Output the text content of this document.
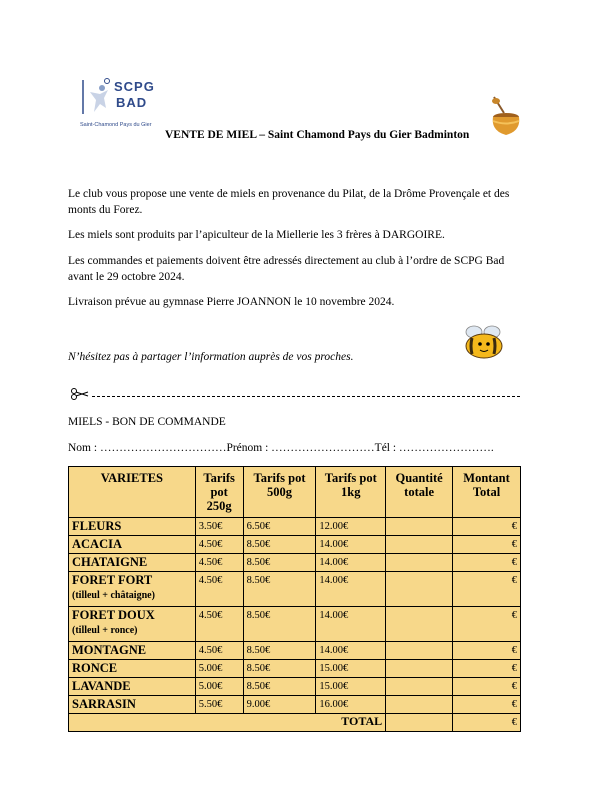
SCPG
BAD
Saint-Chamond Pays du Gier
VENTE DE MIEL – Saint Chamond Pays du Gier Badminton
Le club vous propose une vente de miels en provenance du Pilat, de la Drôme Provençale et des monts du Forez.
Les miels sont produits par l’apiculteur de la Miellerie les 3 frères à DARGOIRE.
Les commandes et paiements doivent être adressés directement au club à l’ordre de SCPG Bad avant le 29 octobre 2024.
Livraison prévue au gymnase Pierre JOANNON le 10 novembre 2024.
N’hésitez pas à partager l’information auprès de vos proches.
MIELS - BON DE COMMANDE
Nom : ……………………………Prénom : ………………………Tél : …………………….
VARIETES	Tarifs pot 250g	Tarifs pot 500g	Tarifs pot 1kg	Quantité totale	Montant Total
FLEURS	3.50€	6.50€	12.00€		€
ACACIA	4.50€	8.50€	14.00€		€
CHATAIGNE	4.50€	8.50€	14.00€		€
FORET FORT
(tilleul + châtaigne)	4.50€	8.50€	14.00€		€
FORET DOUX
(tilleul + ronce)	4.50€	8.50€	14.00€		€
MONTAGNE	4.50€	8.50€	14.00€		€
RONCE	5.00€	8.50€	15.00€		€
LAVANDE	5.00€	8.50€	15.00€		€
SARRASIN	5.50€	9.00€	16.00€		€
TOTAL					€
